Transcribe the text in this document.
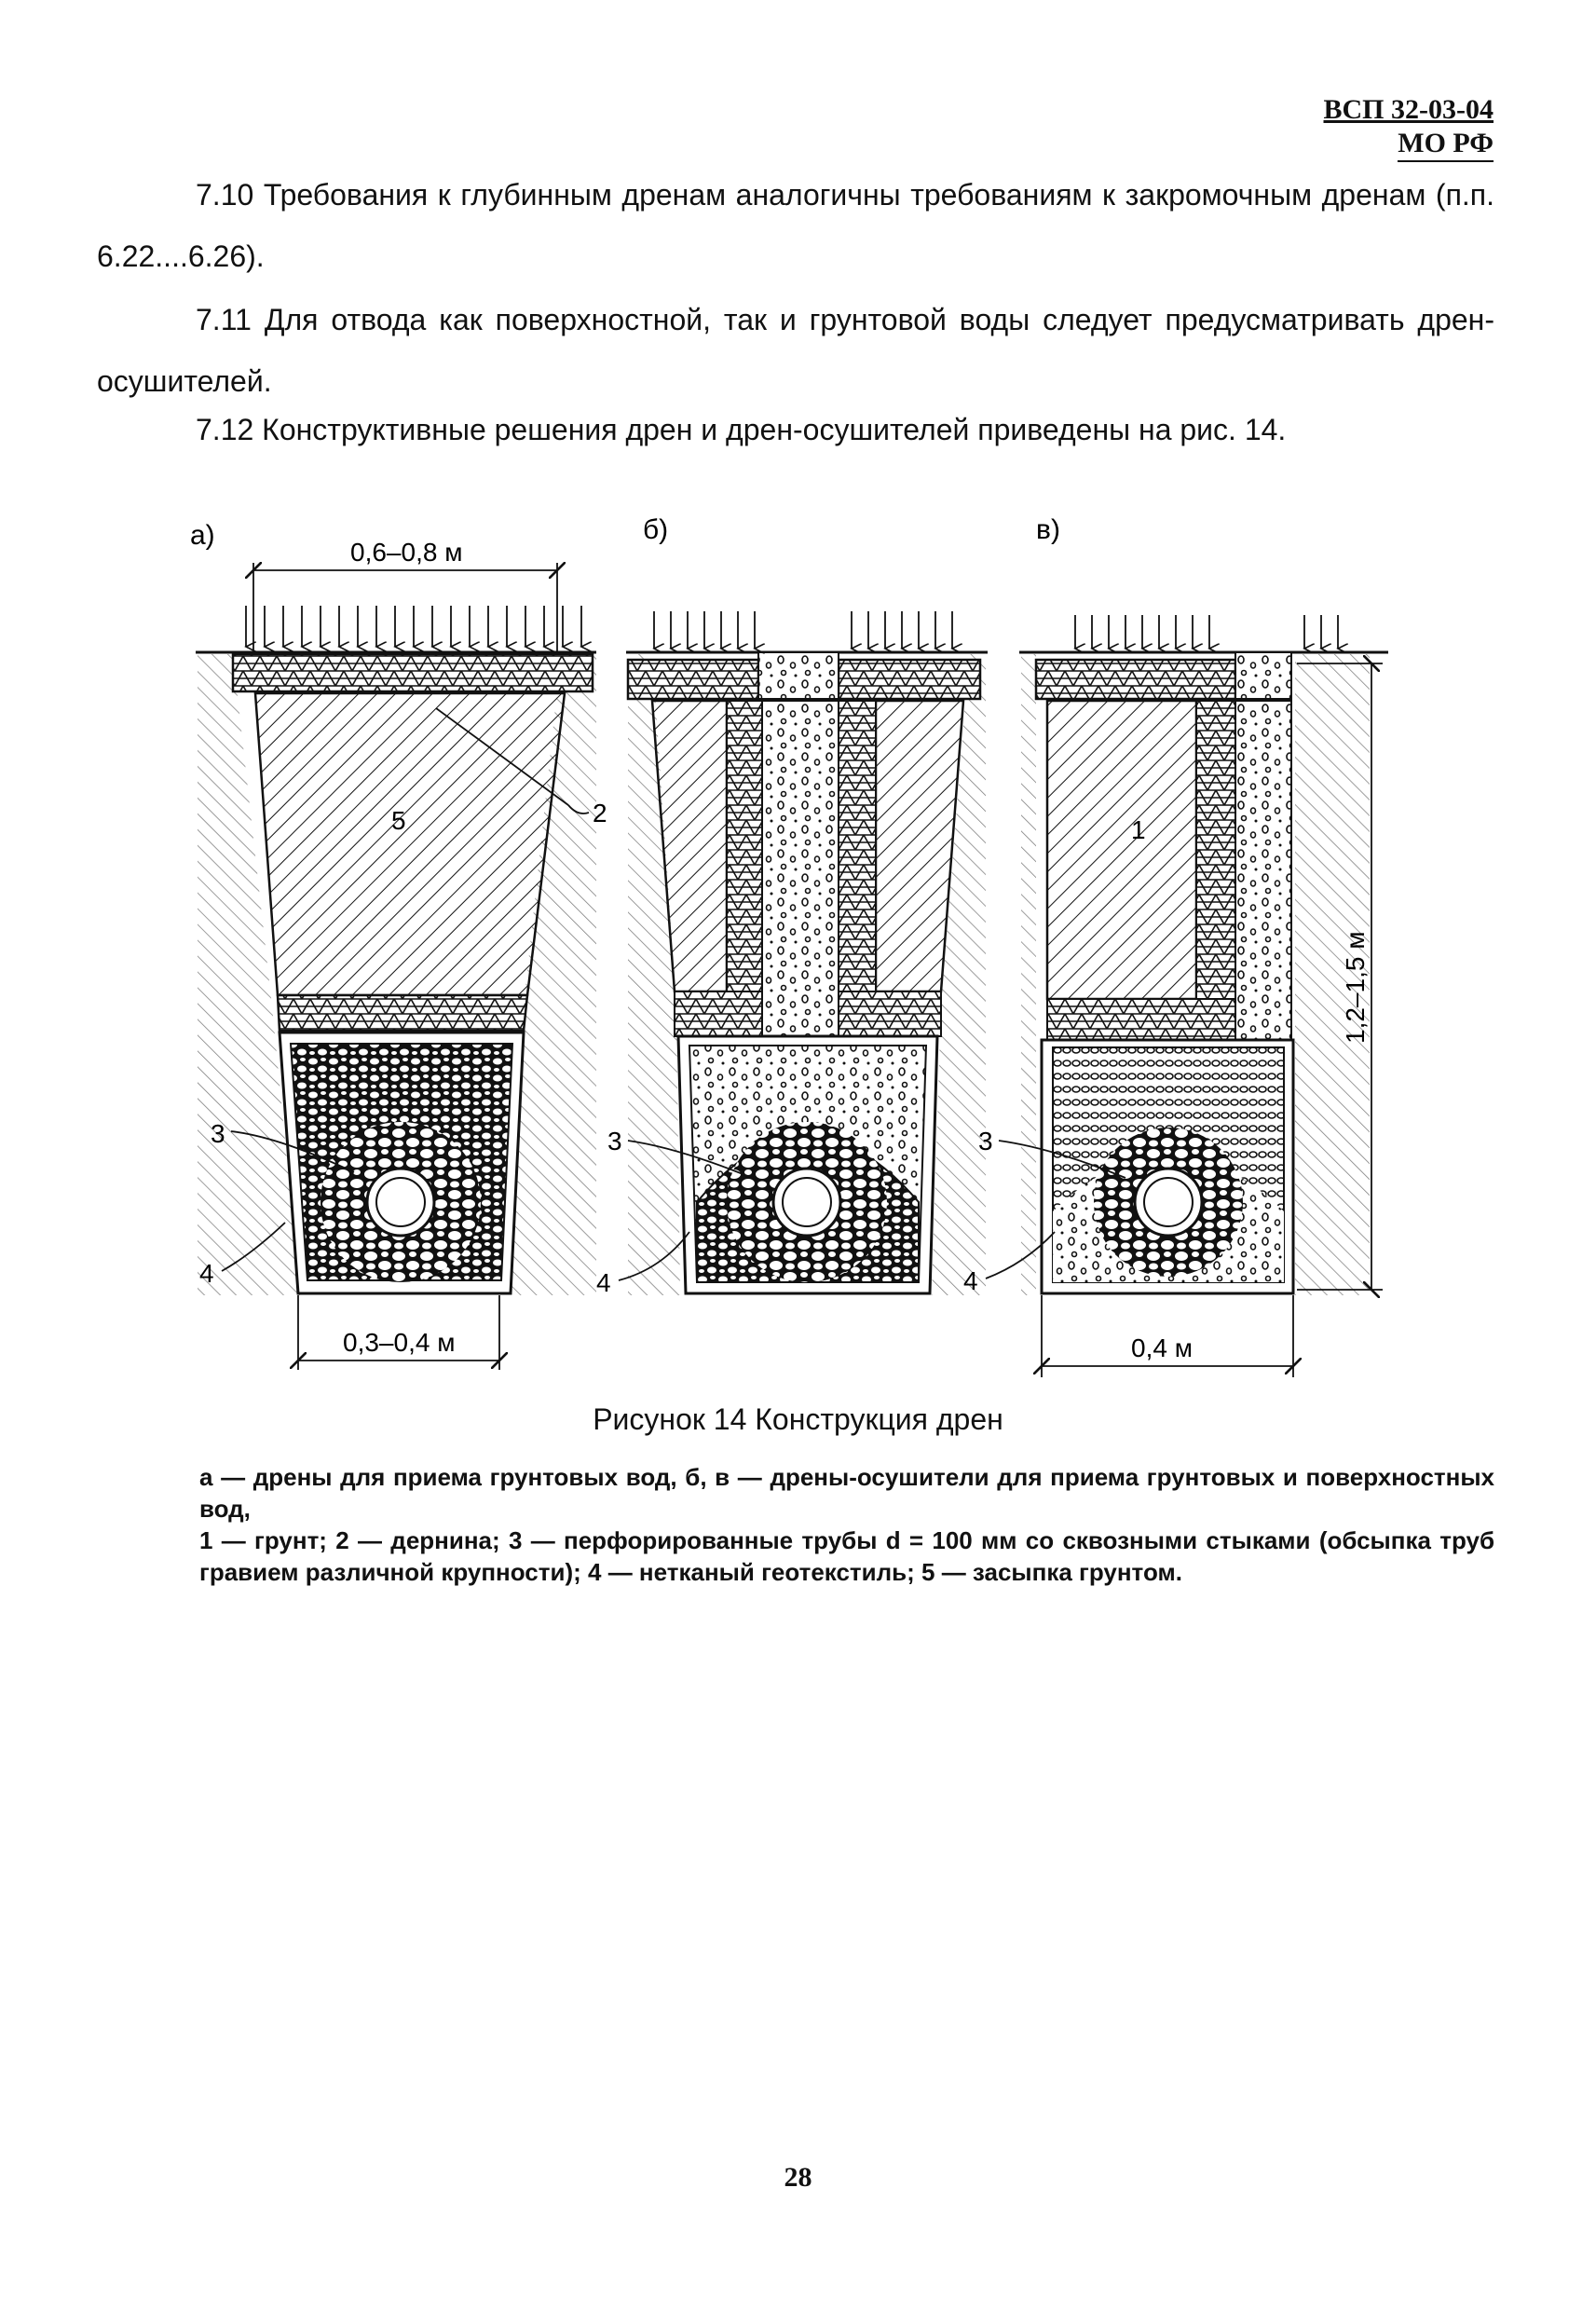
ВСП 32-03-04
МО РФ
7.10 Требования к глубинным дренам аналогичны требованиям к закромочным дренам (п.п. 6.22....6.26).
7.11 Для отвода как поверхностной, так и грунтовой воды следует предусматривать дрен-осушителей.
7.12 Конструктивные решения дрен и дрен-осушителей приведены на рис. 14.
а)	б)	в)
0,6–0,8 м
0,3–0,4 м
5	2
3
4
3
4
1,2–1,5 м
0,4 м
1
3
4
Рисунок 14 Конструкция дрен
а — дрены для приема грунтовых вод, б, в — дрены-осушители для приема грунтовых и поверхностных вод,
1 — грунт; 2 — дернина; 3 — перфорированные трубы d = 100 мм со сквозными стыками (обсыпка труб гравием различной крупности); 4 — нетканый геотекстиль; 5 — засыпка грунтом.
28
